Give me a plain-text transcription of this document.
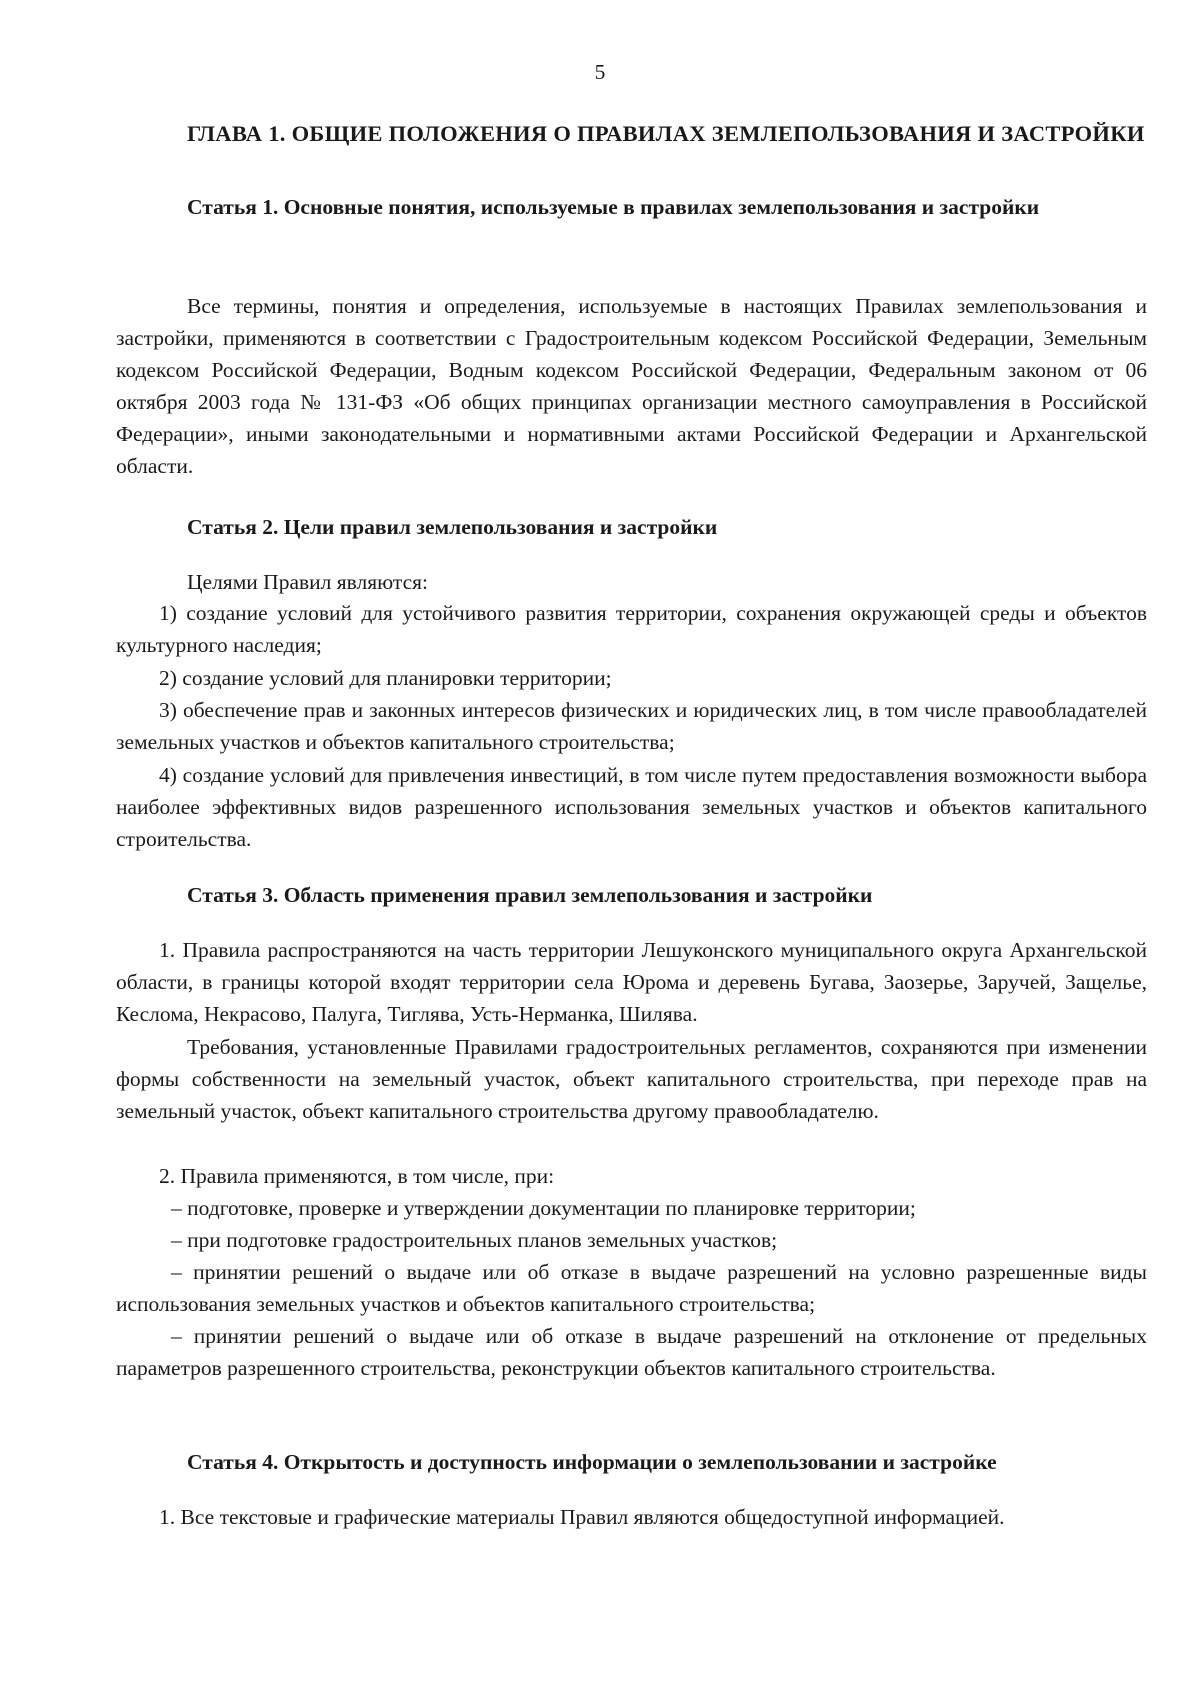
5
ГЛАВА 1. ОБЩИЕ ПОЛОЖЕНИЯ О ПРАВИЛАХ ЗЕМЛЕПОЛЬЗОВАНИЯ И ЗАСТРОЙКИ
Статья 1. Основные понятия, используемые в правилах землепользования и застройки

Все термины, понятия и определения, используемые в настоящих Правилах землепользования и застройки, применяются в соответствии с Градостроительным кодексом Российской Федерации, Земельным кодексом Российской Федерации, Водным кодексом Российской Федерации, Федеральным законом от 06 октября 2003 года № 131-ФЗ «Об общих принципах организации местного самоуправления в Российской Федерации», иными законодательными и нормативными актами Российской Федерации и Архангельской области.

Статья 2. Цели правил землепользования и застройки

Целями Правил являются:

1) создание условий для устойчивого развития территории, сохранения окружающей среды и объектов культурного наследия;

2) создание условий для планировки территории;

3) обеспечение прав и законных интересов физических и юридических лиц, в том числе правообладателей земельных участков и объектов капитального строительства;

4) создание условий для привлечения инвестиций, в том числе путем предоставления возможности выбора наиболее эффективных видов разрешенного использования земельных участков и объектов капитального строительства.

Статья 3. Область применения правил землепользования и застройки

1. Правила распространяются на часть территории Лешуконского муниципального округа Архангельской области, в границы которой входят территории села Юрома и деревень Бугава, Заозерье, Заручей, Защелье, Кеслома, Некрасово, Палуга, Тиглява, Усть-Нерманка, Шилява.

Требования, установленные Правилами градостроительных регламентов, сохраняются при изменении формы собственности на земельный участок, объект капитального строительства, при переходе прав на земельный участок, объект капитального строительства другому правообладателю.

2. Правила применяются, в том числе, при:

– подготовке, проверке и утверждении документации по планировке территории;

– при подготовке градостроительных планов земельных участков;

– принятии решений о выдаче или об отказе в выдаче разрешений на условно разрешенные виды использования земельных участков и объектов капитального строительства;

– принятии решений о выдаче или об отказе в выдаче разрешений на отклонение от предельных параметров разрешенного строительства, реконструкции объектов капитального строительства.

Статья 4. Открытость и доступность информации о землепользовании и застройке

1. Все текстовые и графические материалы Правил являются общедоступной информацией.
